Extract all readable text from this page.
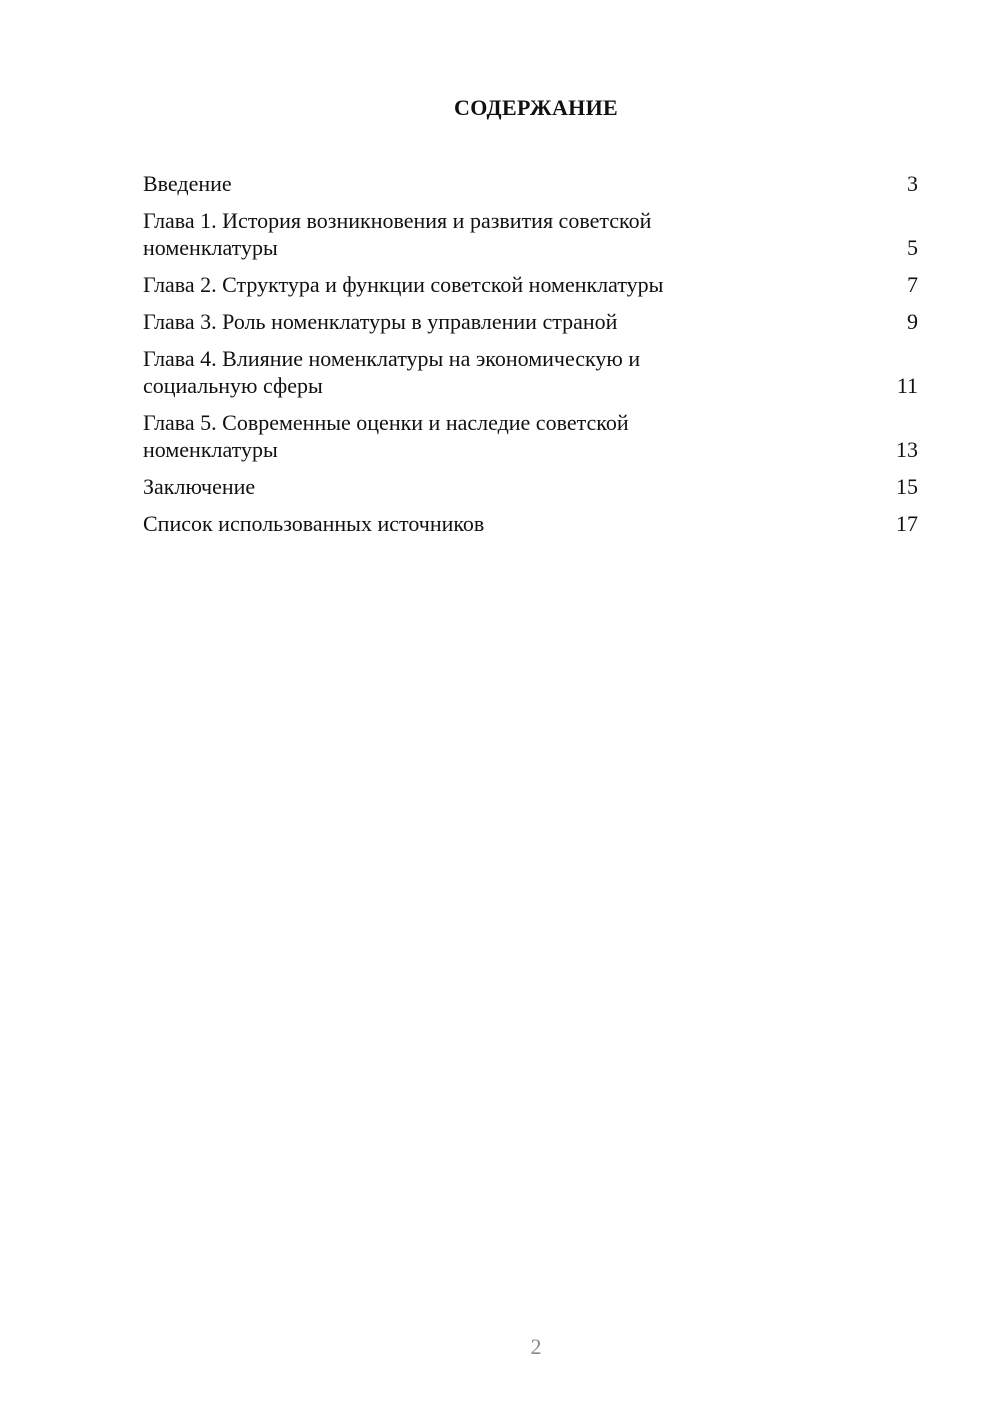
СОДЕРЖАНИЕ
Введение	3
Глава 1. История возникновения и развития советской номенклатуры	5
Глава 2. Структура и функции советской номенклатуры	7
Глава 3. Роль номенклатуры в управлении страной	9
Глава 4. Влияние номенклатуры на экономическую и социальную сферы	11
Глава 5. Современные оценки и наследие советской номенклатуры	13
Заключение	15
Список использованных источников	17
2
